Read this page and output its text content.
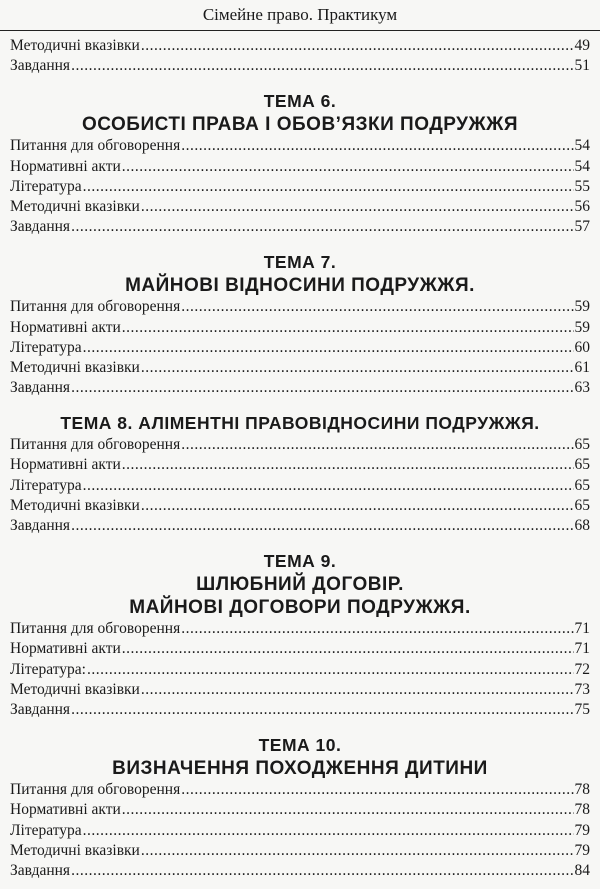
Сімейне право. Практикум
Методичні вказівки .....	49
Завдання .....	51
ТЕМА 6.
ОСОБИСТІ ПРАВА І ОБОВ’ЯЗКИ ПОДРУЖЖЯ
Питання для обговорення .....	54
Нормативні акти .....	54
Література .....	55
Методичні вказівки .....	56
Завдання .....	57
ТЕМА 7.
МАЙНОВІ ВІДНОСИНИ ПОДРУЖЖЯ.
Питання для обговорення .....	59
Нормативні акти .....	59
Література .....	60
Методичні вказівки .....	61
Завдання .....	63
ТЕМА 8. АЛІМЕНТНІ ПРАВОВІДНОСИНИ ПОДРУЖЖЯ.
Питання для обговорення .....	65
Нормативні акти .....	65
Література .....	65
Методичні вказівки .....	65
Завдання .....	68
ТЕМА 9.
ШЛЮБНИЙ ДОГОВІР.
МАЙНОВІ ДОГОВОРИ ПОДРУЖЖЯ.
Питання для обговорення .....	71
Нормативні акти .....	71
Література: .....	72
Методичні вказівки .....	73
Завдання .....	75
ТЕМА 10.
ВИЗНАЧЕННЯ ПОХОДЖЕННЯ ДИТИНИ
Питання для обговорення .....	78
Нормативні акти .....	78
Література .....	79
Методичні вказівки .....	79
Завдання .....	84
